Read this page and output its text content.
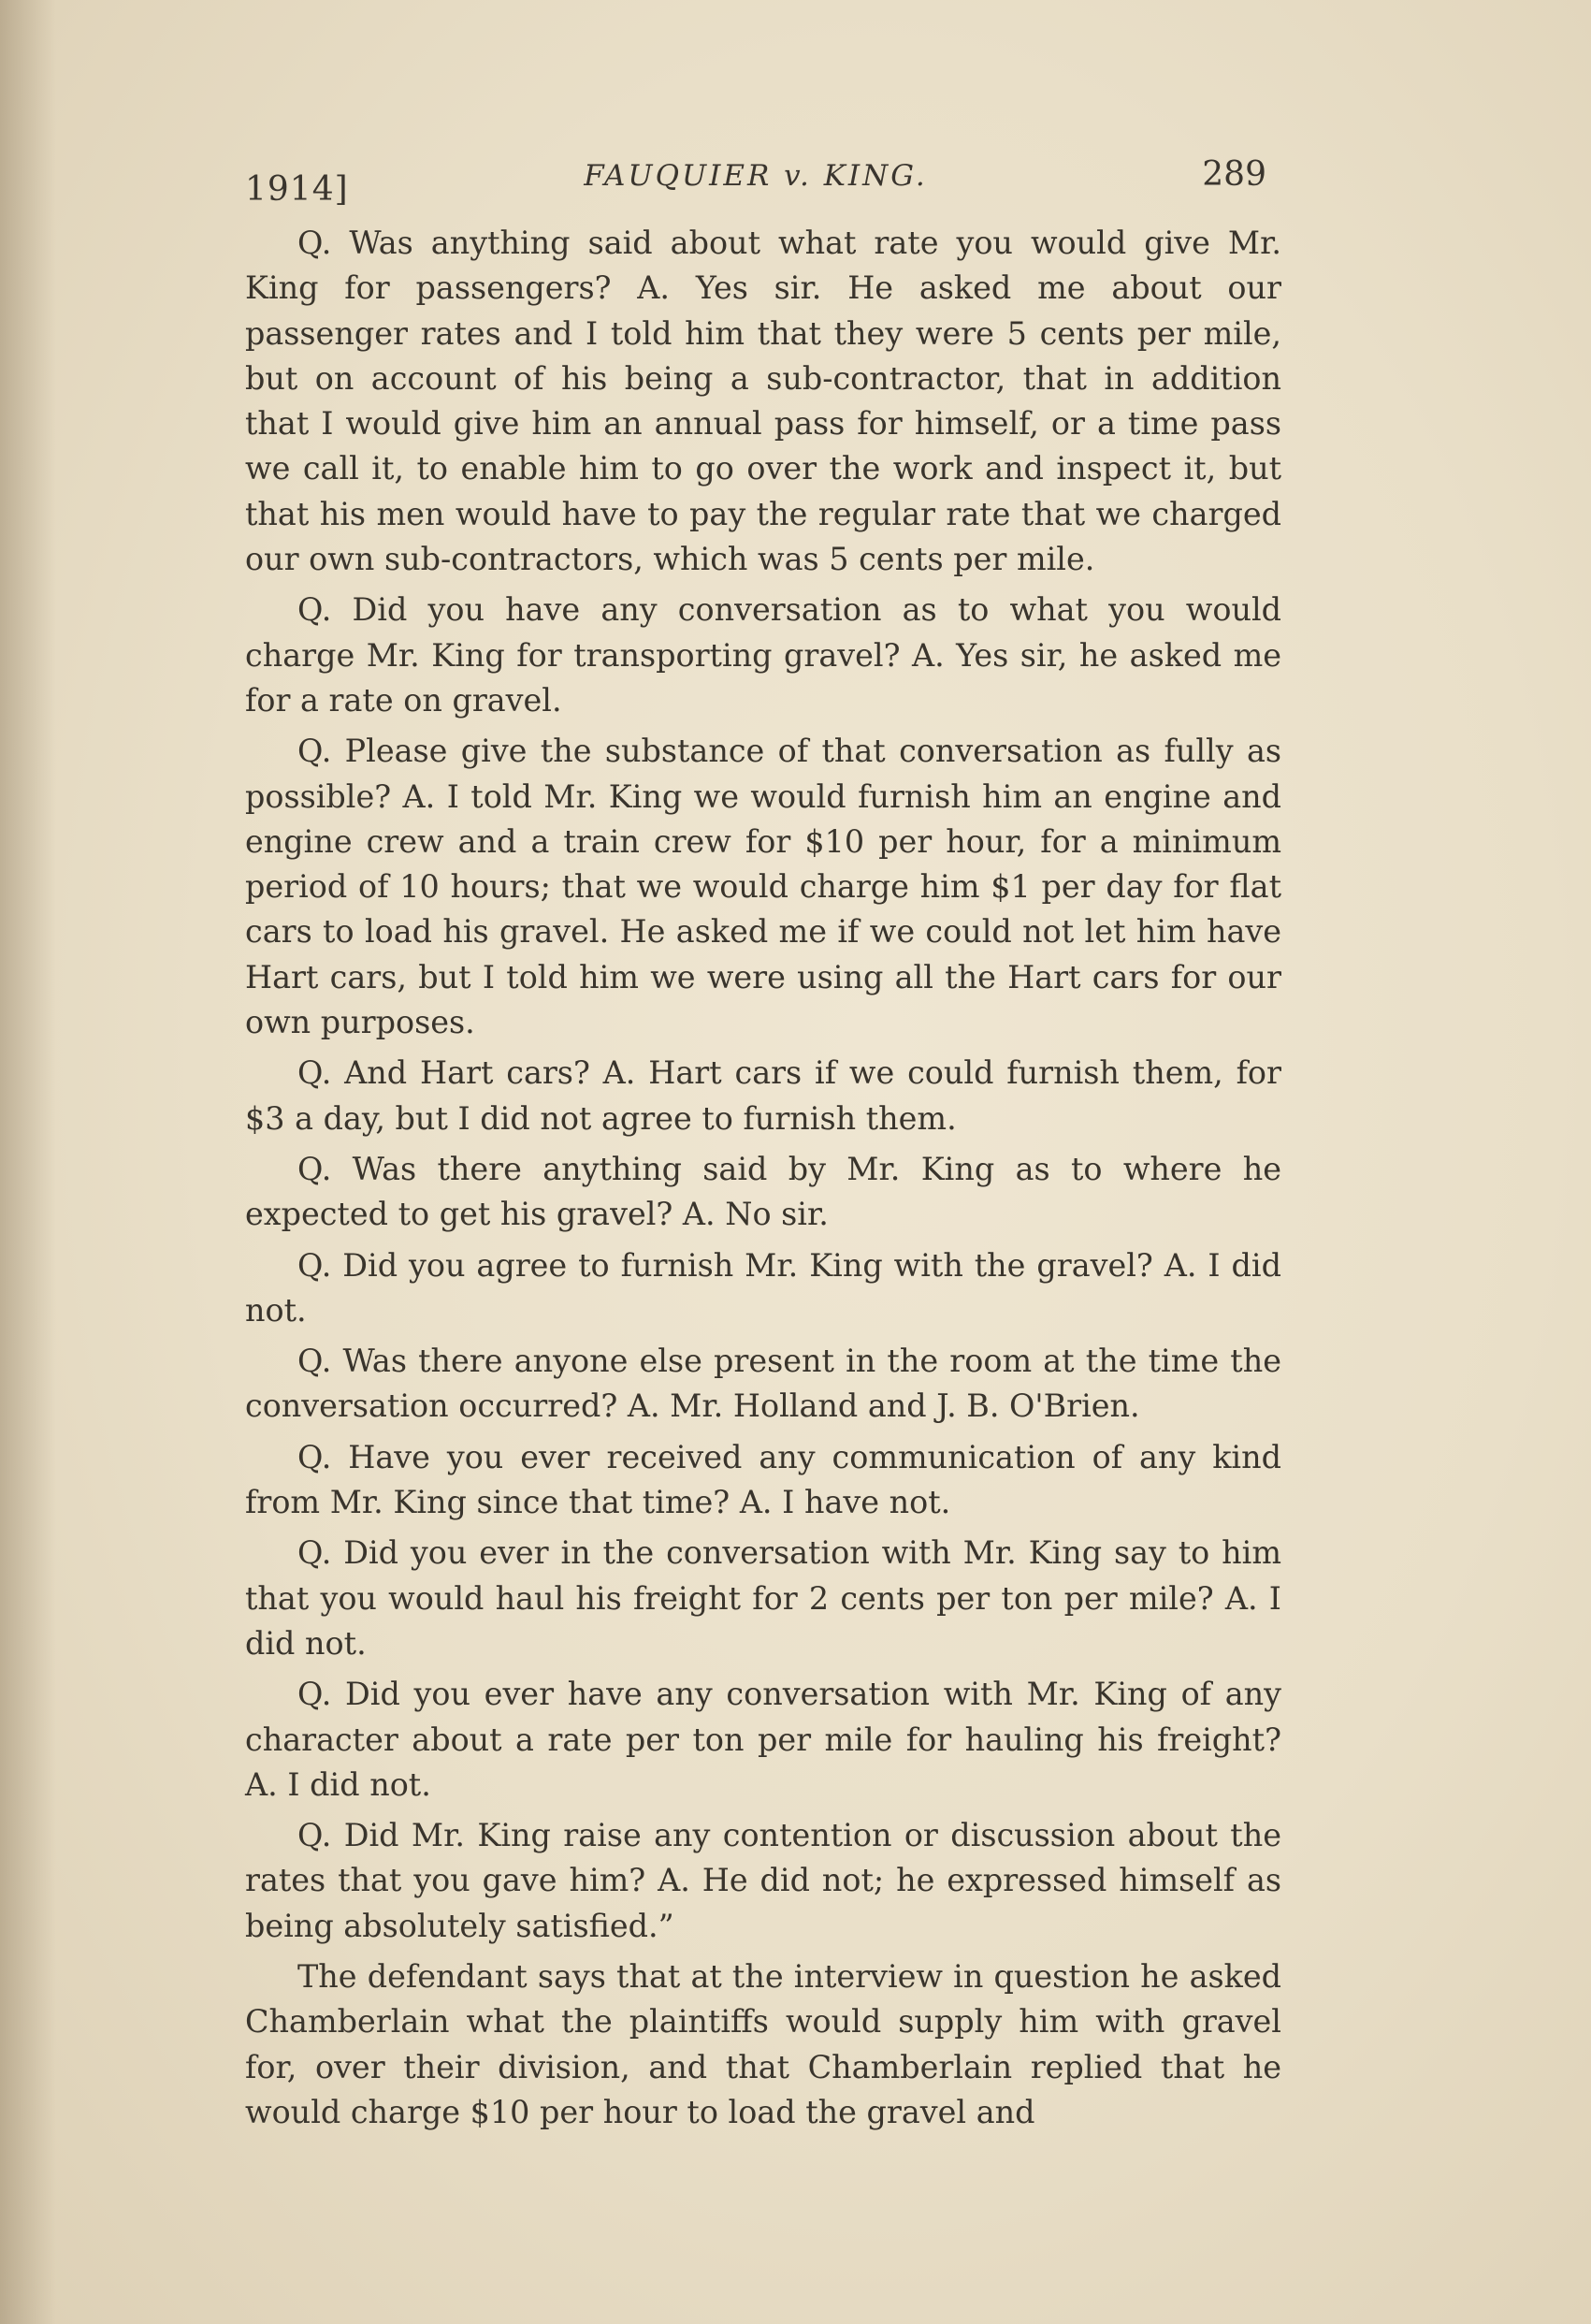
1914]	FAUQUIER v. KING.	289

Q. Was anything said about what rate you would give Mr. King for passengers? A. Yes sir. He asked me about our passenger rates and I told him that they were 5 cents per mile, but on account of his being a sub-contractor, that in addition that I would give him an annual pass for himself, or a time pass we call it, to enable him to go over the work and inspect it, but that his men would have to pay the regular rate that we charged our own sub-contractors, which was 5 cents per mile.

Q. Did you have any conversation as to what you would charge Mr. King for transporting gravel? A. Yes sir, he asked me for a rate on gravel.

Q. Please give the substance of that conversation as fully as possible? A. I told Mr. King we would furnish him an engine and engine crew and a train crew for $10 per hour, for a minimum period of 10 hours; that we would charge him $1 per day for flat cars to load his gravel. He asked me if we could not let him have Hart cars, but I told him we were using all the Hart cars for our own purposes.

Q. And Hart cars? A. Hart cars if we could furnish them, for $3 a day, but I did not agree to furnish them.

Q. Was there anything said by Mr. King as to where he expected to get his gravel? A. No sir.

Q. Did you agree to furnish Mr. King with the gravel? A. I did not.

Q. Was there anyone else present in the room at the time the conversation occurred? A. Mr. Holland and J. B. O'Brien.

Q. Have you ever received any communication of any kind from Mr. King since that time? A. I have not.

Q. Did you ever in the conversation with Mr. King say to him that you would haul his freight for 2 cents per ton per mile? A. I did not.

Q. Did you ever have any conversation with Mr. King of any character about a rate per ton per mile for hauling his freight? A. I did not.

Q. Did Mr. King raise any contention or discussion about the rates that you gave him? A. He did not; he expressed himself as being absolutely satisfied.”

The defendant says that at the interview in question he asked Chamberlain what the plaintiffs would supply him with gravel for, over their division, and that Chamberlain replied that he would charge $10 per hour to load the gravel and
